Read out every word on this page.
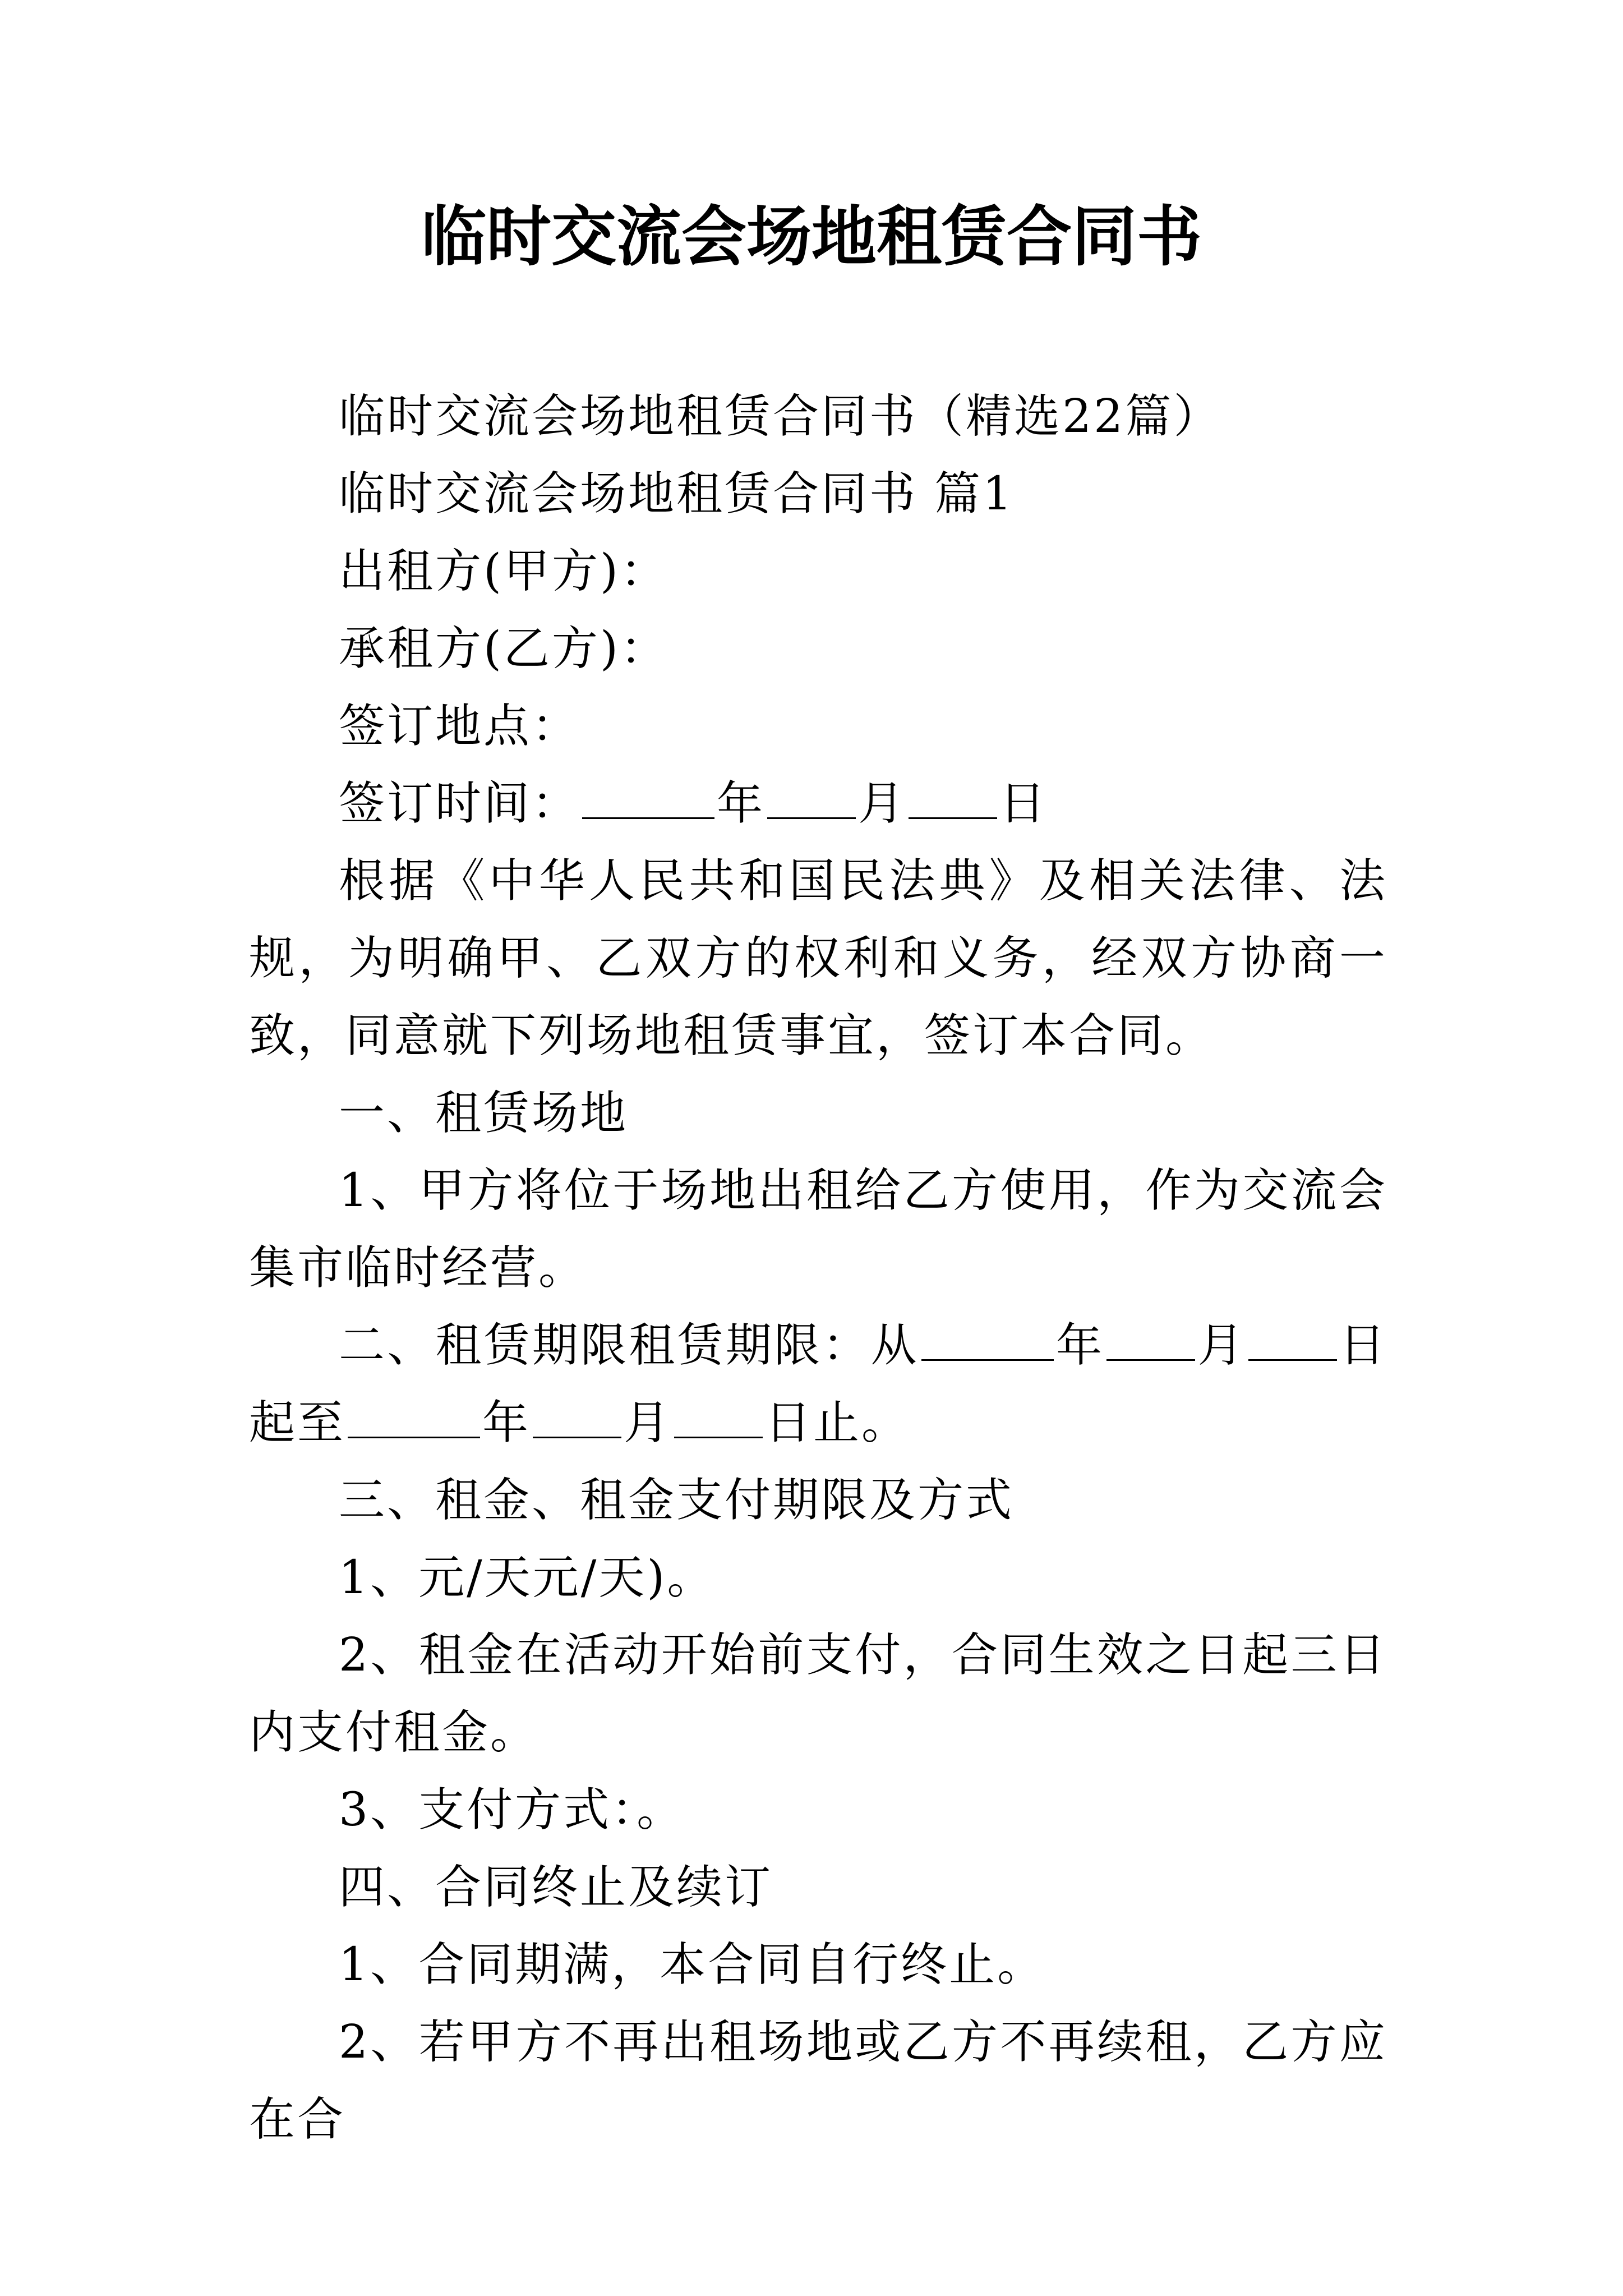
临时交流会场地租赁合同书

临时交流会场地租赁合同书（精选22篇）

临时交流会场地租赁合同书 篇1

出租方(甲方)：

承租方(乙方)：

签订地点：

签订时间：	年 月 日

根据《中华人民共和国民法典》及相关法律、法规，为明确甲、乙双方的权利和义务，经双方协商一致，同意就下列场地租赁事宜，签订本合同。

一、租赁场地

1、甲方将位于场地出租给乙方使用，作为交流会集市临时经营。

二、租赁期限租赁期限：从	年 月 日起至	年 月 日止。

三、租金、租金支付期限及方式

1、元/天元/天)。

2、租金在活动开始前支付，合同生效之日起三日内支付租金。

3、支付方式：。

四、合同终止及续订

1、合同期满，本合同自行终止。

2、若甲方不再出租场地或乙方不再续租，乙方应在合
